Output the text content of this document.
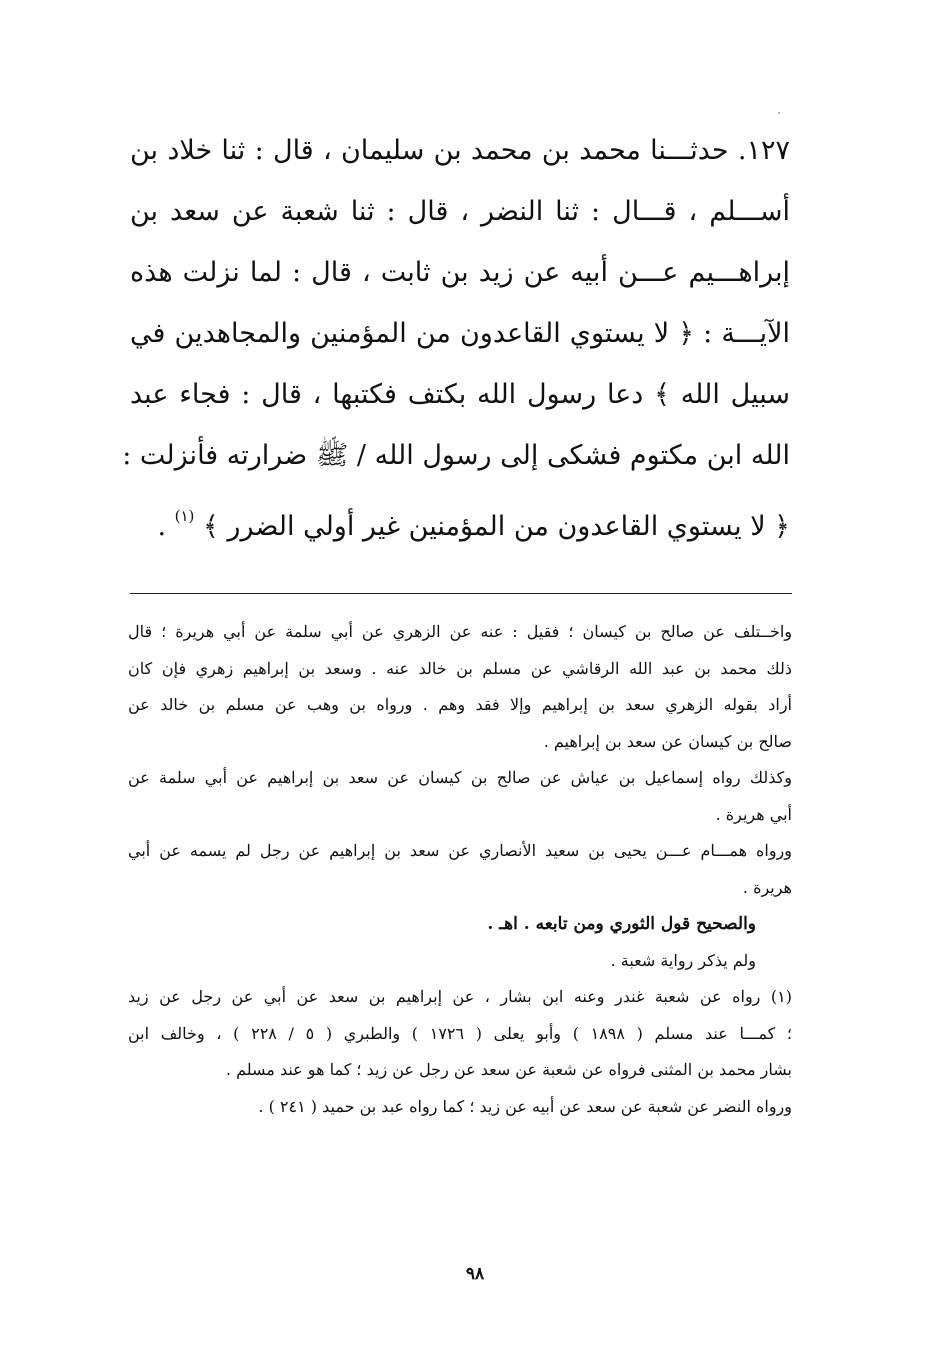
١٢٧. حدثـــنا محمد بن محمد بن سليمان ، قال : ثنا خلاد بن
أســـلم ، قـــال : ثنا النضر ، قال : ثنا شعبة عن سعد بن
إبراهـــيم عـــن أبيه عن زيد بن ثابت ، قال : لما نزلت هذه
الآيـــة : ﴿ لا يستوي القاعدون من المؤمنين والمجاهدين في
سبيل الله ﴾ دعا رسول الله بكتف فكتبها ، قال : فجاء عبد
الله ابن مكتوم فشكى إلى رسول الله / ﷺ ضرارته فأنزلت :
﴿ لا يستوي القاعدون من المؤمنين غير أولي الضرر ﴾ $^{(١)}$ .
واخــتلف عن صالح بن كيسان ؛ فقيل : عنه عن الزهري عن أبي سلمة عن أبي هريرة ؛ قال
ذلك محمد بن عبد الله الرقاشي عن مسلم بن خالد عنه . وسعد بن إبراهيم زهري فإن كان
أراد بقوله الزهري سعد بن إبراهيم وإلا فقد وهم . ورواه بن وهب عن مسلم بن خالد عن
صالح بن كيسان عن سعد بن إبراهيم .
وكذلك رواه إسماعيل بن عياش عن صالح بن كيسان عن سعد بن إبراهيم عن أبي سلمة عن
أبي هريرة .
ورواه همـــام عـــن يحيى بن سعيد الأنصاري عن سعد بن إبراهيم عن رجل لم يسمه عن أبي
هريرة .
والصحيح قول الثوري ومن تابعه . اهـ .
ولم يذكر رواية شعبة .
(١) رواه عن شعبة غندر وعنه ابن بشار ، عن إبراهيم بن سعد عن أبي عن رجل عن زيد
؛ كمـــا عند مسلم ( ١٨٩٨ ) وأبو يعلى ( ١٧٢٦ ) والطبري ( ٥ / ٢٢٨ ) ، وخالف ابن
بشار محمد بن المثنى فرواه عن شعبة عن سعد عن رجل عن زيد ؛ كما هو عند مسلم .
ورواه النضر عن شعبة عن سعد عن أبيه عن زيد ؛ كما رواه عبد بن حميد ( ٢٤١ ) .
٩٨
